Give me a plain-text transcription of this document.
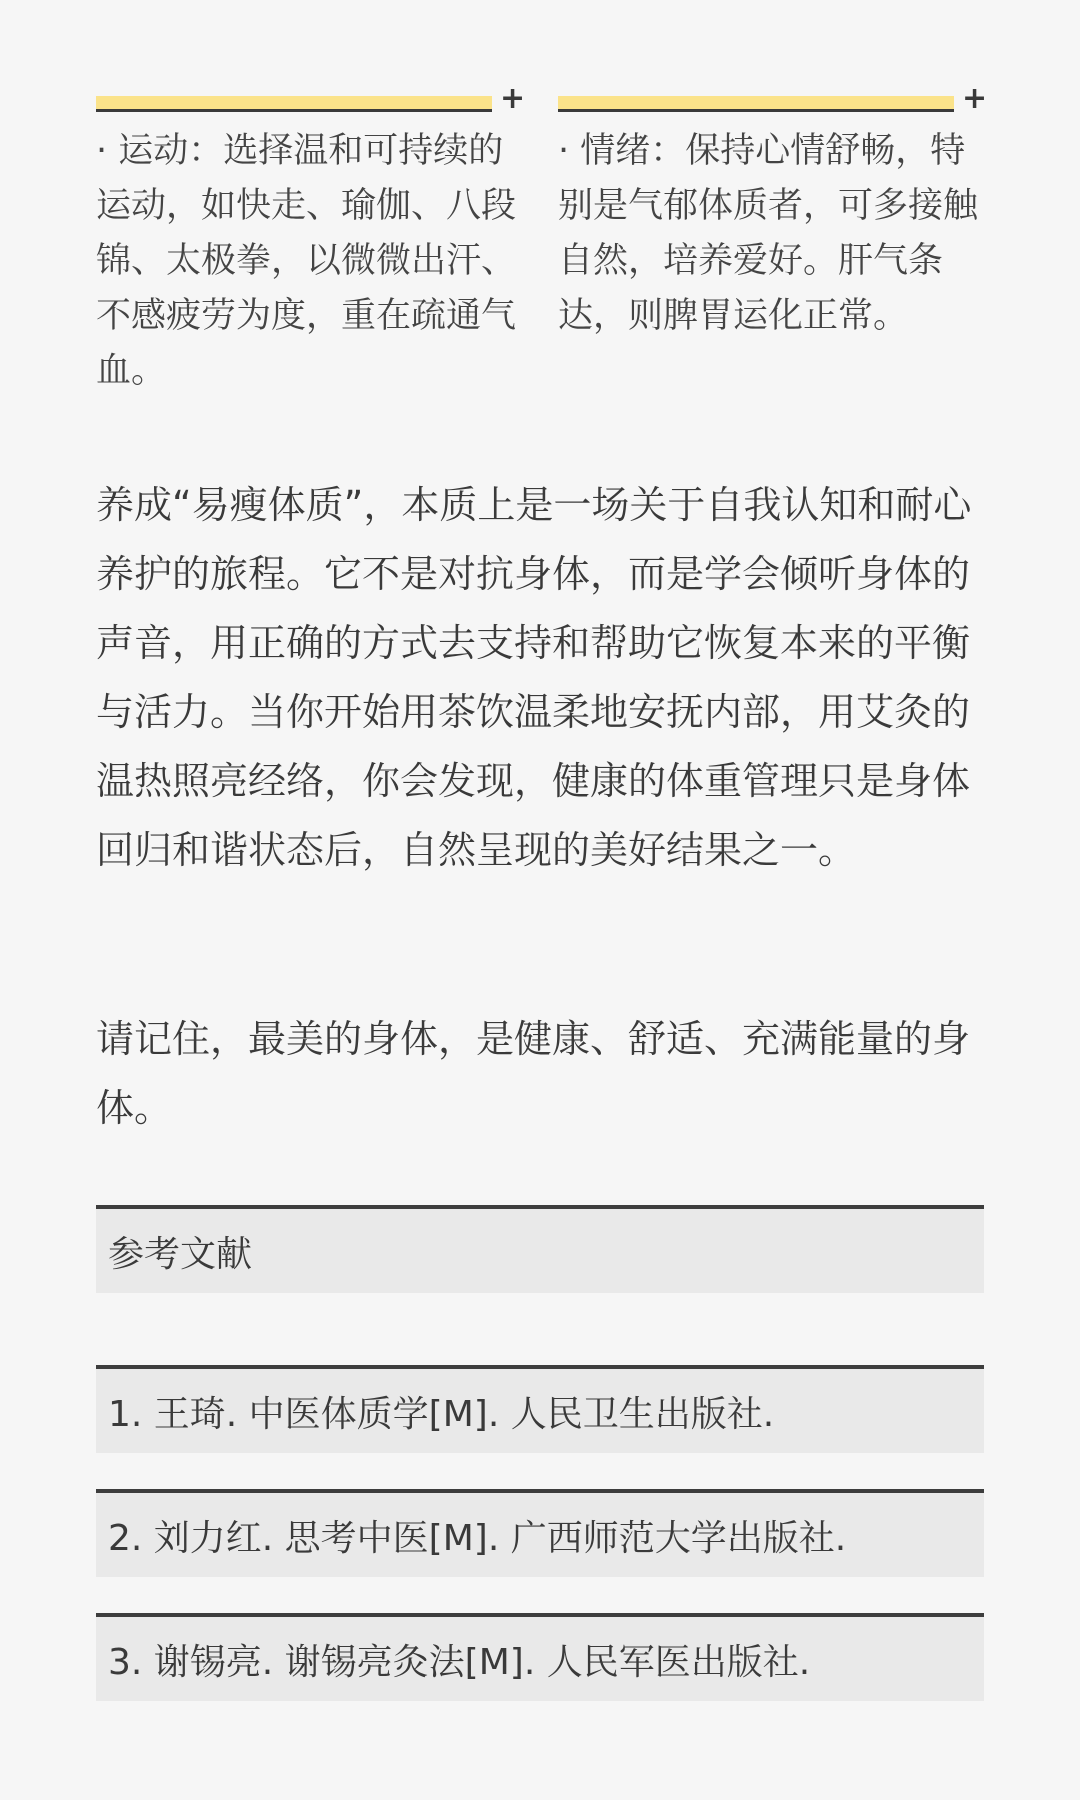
+

· 运动：选择温和可持续的运动，如快走、瑜伽、八段锦、太极拳，以微微出汗、不感疲劳为度，重在疏通气血。

+

· 情绪：保持心情舒畅，特别是气郁体质者，可多接触自然，培养爱好。肝气条达，则脾胃运化正常。

养成“易瘦体质”，本质上是一场关于自我认知和耐心养护的旅程。它不是对抗身体，而是学会倾听身体的声音，用正确的方式去支持和帮助它恢复本来的平衡与活力。当你开始用茶饮温柔地安抚内部，用艾灸的温热照亮经络，你会发现，健康的体重管理只是身体回归和谐状态后，自然呈现的美好结果之一。

请记住，最美的身体，是健康、舒适、充满能量的身体。

参考文献
1. 王琦. 中医体质学[M]. 人民卫生出版社.
2. 刘力红. 思考中医[M]. 广西师范大学出版社.
3. 谢锡亮. 谢锡亮灸法[M]. 人民军医出版社.
